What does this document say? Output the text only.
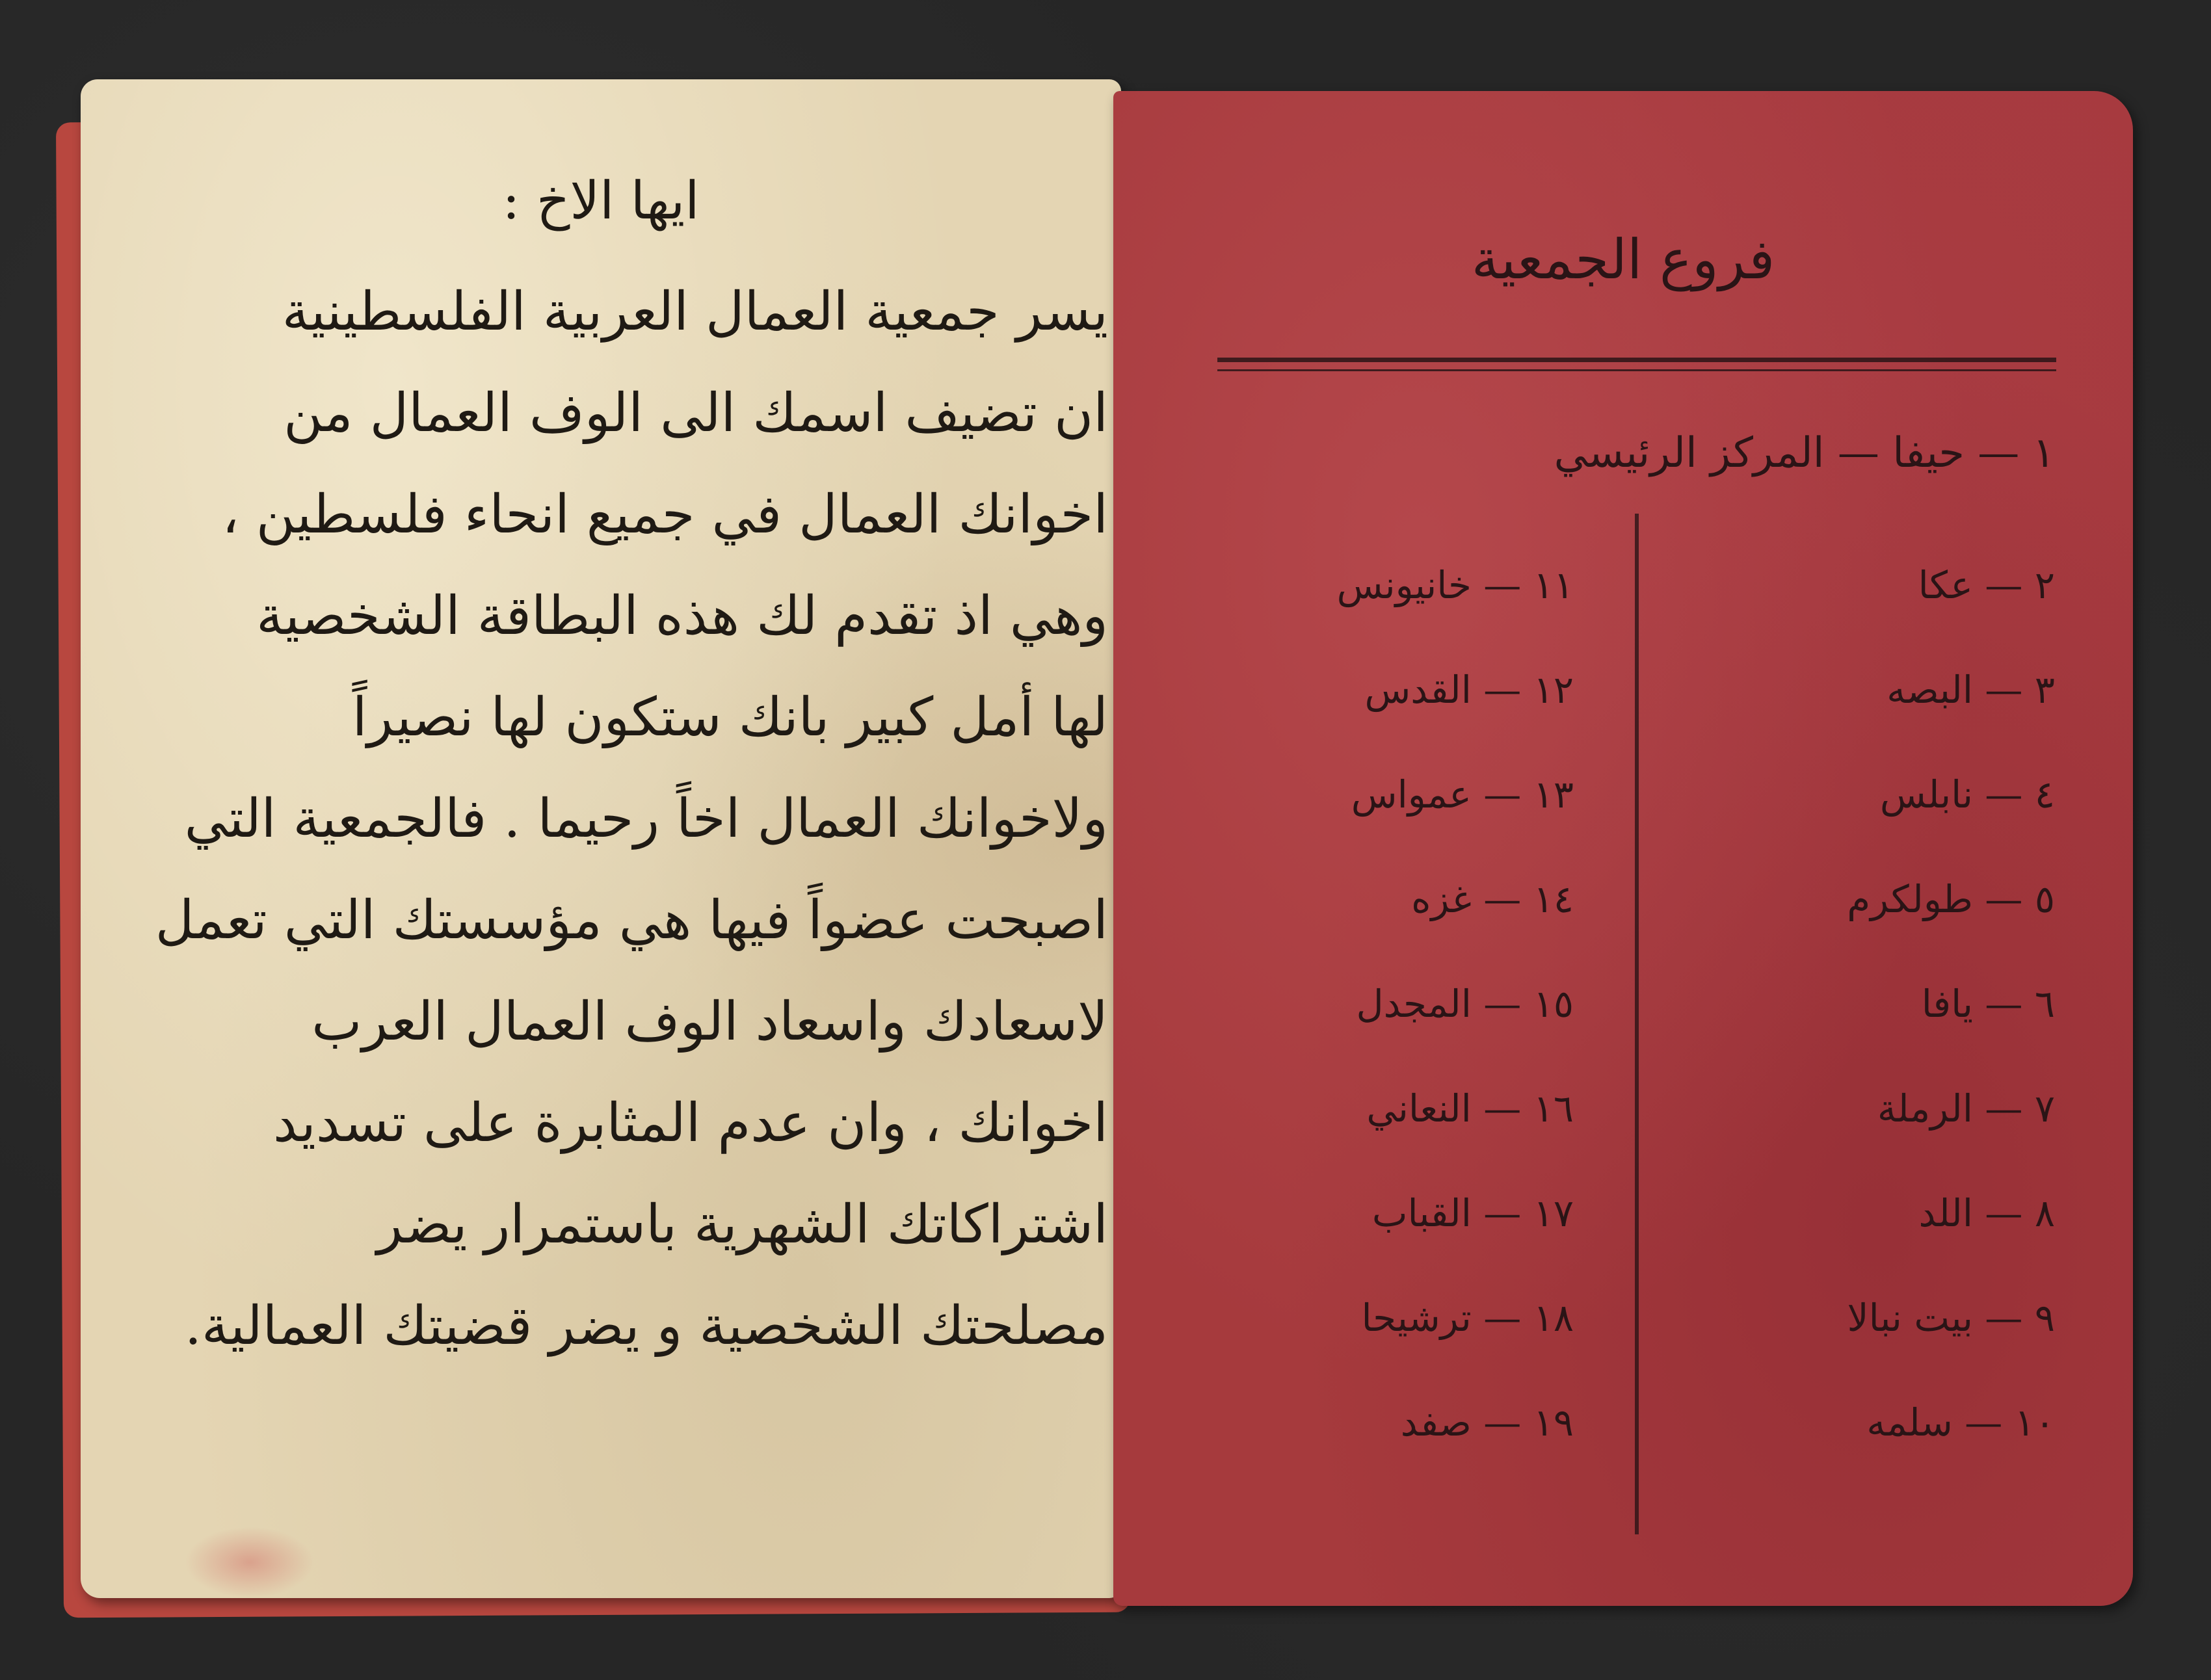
ايها الاخ :
يسر جمعية العمال العربية الفلسطينية
ان تضيف اسمك الى الوف العمال من
اخوانك العمال في جميع انحاء فلسطين ،
وهي اذ تقدم لك هذه البطاقة الشخصية
لها أمل كبير بانك ستكون لها نصيراً
ولاخوانك العمال اخاً رحيما . فالجمعية التي
اصبحت عضواً فيها هي مؤسستك التي تعمل
لاسعادك واسعاد الوف العمال العرب
اخوانك ، وان عدم المثابرة على تسديد
اشتراكاتك الشهرية باستمرار يضر
مصلحتك الشخصية و يضر قضيتك العمالية.
فروع الجمعية
١ — حيفا — المركز الرئيسي
٢ — عكا
٣ — البصه
٤ — نابلس
٥ — طولكرم
٦ — يافا
٧ — الرملة
٨ — اللد
٩ — بيت نبالا
١٠ — سلمه
١١ — خانيونس
١٢ — القدس
١٣ — عمواس
١٤ — غزه
١٥ — المجدل
١٦ — النعاني
١٧ — القباب
١٨ — ترشيحا
١٩ — صفد
